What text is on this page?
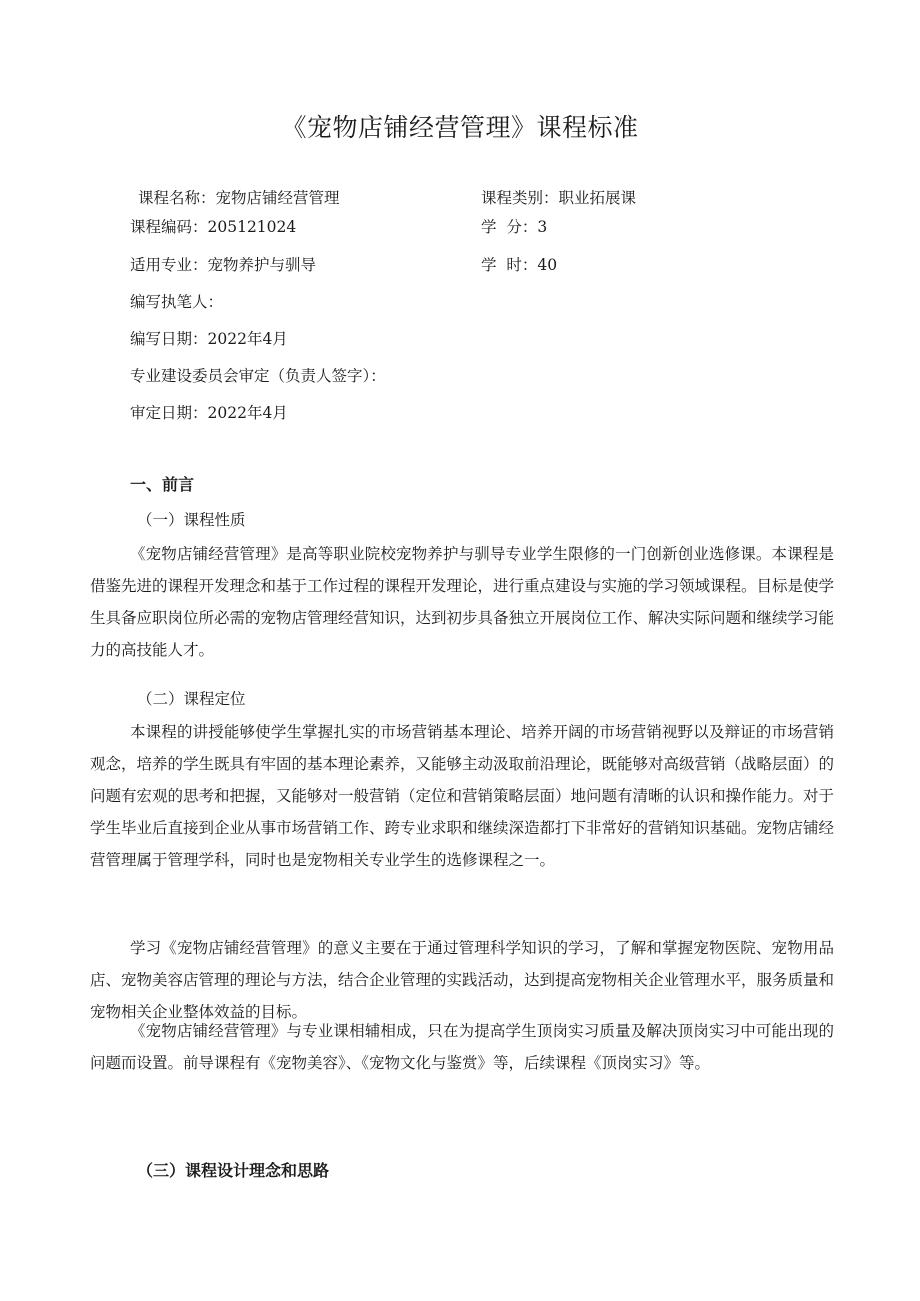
《宠物店铺经营管理》课程标准
课程名称：宠物店铺经营管理	课程类别：职业拓展课
课程编码：205121024	学  分：3
适用专业：宠物养护与驯导	学  时：40
编写执笔人：
编写日期：2022年4月
专业建设委员会审定（负责人签字）：
审定日期：2022年4月
一、前言
（一）课程性质

《宠物店铺经营管理》是高等职业院校宠物养护与驯导专业学生限修的一门创新创业选修课。本课程是借鉴先进的课程开发理念和基于工作过程的课程开发理论，进行重点建设与实施的学习领域课程。目标是使学生具备应职岗位所必需的宠物店管理经营知识，达到初步具备独立开展岗位工作、解决实际问题和继续学习能力的高技能人才。

（二）课程定位

本课程的讲授能够使学生掌握扎实的市场营销基本理论、培养开阔的市场营销视野以及辩证的市场营销观念，培养的学生既具有牢固的基本理论素养，又能够主动汲取前沿理论，既能够对高级营销（战略层面）的问题有宏观的思考和把握，又能够对一般营销（定位和营销策略层面）地问题有清晰的认识和操作能力。对于学生毕业后直接到企业从事市场营销工作、跨专业求职和继续深造都打下非常好的营销知识基础。宠物店铺经营管理属于管理学科，同时也是宠物相关专业学生的选修课程之一。

学习《宠物店铺经营管理》的意义主要在于通过管理科学知识的学习，了解和掌握宠物医院、宠物用品店、宠物美容店管理的理论与方法，结合企业管理的实践活动，达到提高宠物相关企业管理水平，服务质量和宠物相关企业整体效益的目标。

《宠物店铺经营管理》与专业课相辅相成，只在为提高学生顶岗实习质量及解决顶岗实习中可能出现的问题而设置。前导课程有《宠物美容》、《宠物文化与鉴赏》等，后续课程《顶岗实习》等。

（三）课程设计理念和思路
